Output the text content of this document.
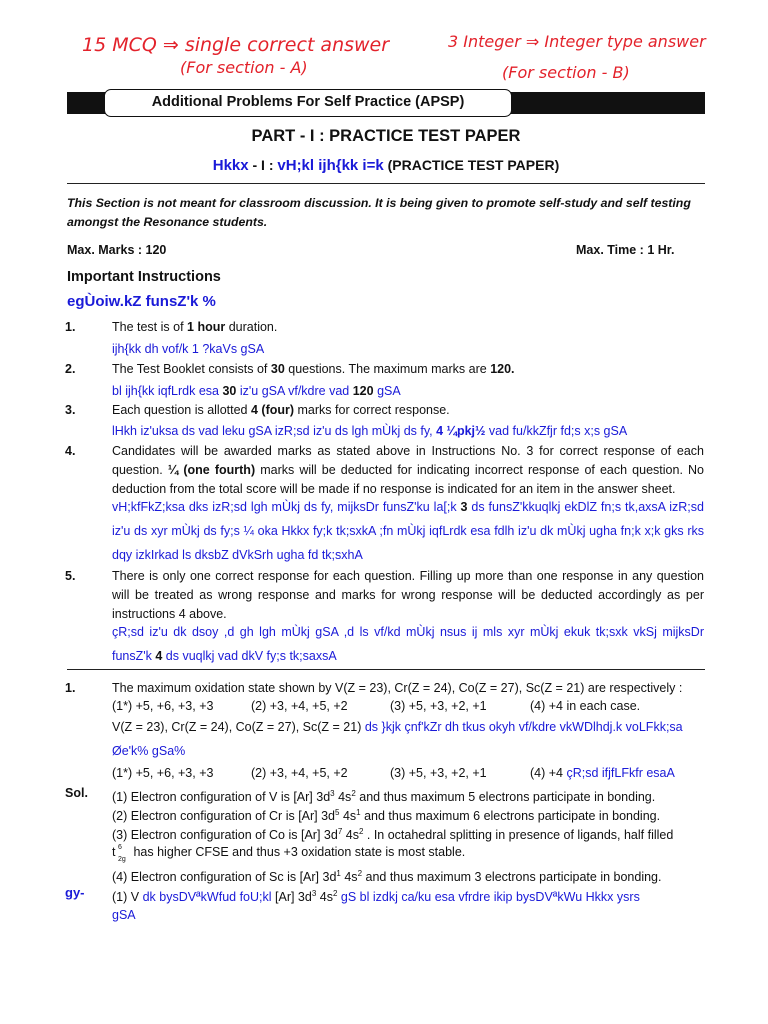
15 MCQ ⇒ single correct answer
(For section - A)
3 Integer ⇒ Integer type answer
(For section - B)
Additional Problems For Self Practice (APSP)
PART - I : PRACTICE TEST PAPER
Hkkx - I : vH;kl ijh{kk i=k (PRACTICE TEST PAPER)
This Section is not meant for classroom discussion. It is being given to promote self-study and self testing amongst the Resonance students.
Max. Marks : 120	Max. Time : 1 Hr.
Important Instructions
egÙoiw.kZ funsZ'k %
1.	The test is of 1 hour duration.
ijh{kk dh vof/k 1 ?kaVs gSA
2.	The Test Booklet consists of 30 questions. The maximum marks are 120.
bl ijh{kk iqfLrdk esa 30 iz'u gSA vf/kdre vad 120 gSA
3.	Each question is allotted 4 (four) marks for correct response.
lHkh iz'uksa ds vad leku gSA izR;sd iz'u ds lgh mÙkj ds fy, 4 ¼pkj½ vad fu/kkZfjr fd;s x;s gSA
4.	Candidates will be awarded marks as stated above in Instructions No. 3 for correct response of each question. ¼ (one fourth) marks will be deducted for indicating incorrect response of each question. No deduction from the total score will be made if no response is indicated for an item in the answer sheet.
vH;kfFkZ;ksa dks izR;sd lgh mÙkj ds fy, mijksDr funsZ'ku la[;k 3 ds funsZ'kkuqlkj ekDlZ fn;s tk,axsA izR;sd iz'u ds xyr mÙkj ds fy;s ¼ oka Hkkx fy;k tk;sxkA ;fn mÙkj iqfLrdk esa fdlh iz'u dk mÙkj ugha fn;k x;k gks rks dqy izkIrkad ls dksbZ dVkSrh ugha fd tk;sxhA
5.	There is only one correct response for each question. Filling up more than one response in any question will be treated as wrong response and marks for wrong response will be deducted accordingly as per instructions 4 above.
çR;sd iz'u dk dsoy ,d gh lgh mÙkj gSA ,d ls vf/kd mÙkj nsus ij mls xyr mÙkj ekuk tk;sxk vkSj mijksDr funsZ'k 4 ds vuqlkj vad dkV fy;s tk;saxsA
1.	The maximum oxidation state shown by V(Z = 23), Cr(Z = 24), Co(Z = 27), Sc(Z = 21) are respectively :
(1*) +5, +6, +3, +3	(2) +3, +4, +5, +2	(3) +5, +3, +2, +1	(4) +4 in each case.
V(Z = 23), Cr(Z = 24), Co(Z = 27), Sc(Z = 21) ds }kjk çnf'kZr dh tkus okyh vf/kdre vkWDlhdj.k voLFkk;sa Øe'k% gSa%
(1*) +5, +6, +3, +3	(2) +3, +4, +5, +2	(3) +5, +3, +2, +1	(4) +4 çR;sd ifjfLFkfr esaA
Sol. (1) Electron configuration of V is [Ar] $3d^3$ $4s^2$ and thus maximum 5 electrons participate in bonding.
(2) Electron configuration of Cr is [Ar] $3d^5$ $4s^1$ and thus maximum 6 electrons participate in bonding.
(3) Electron configuration of Co is [Ar] $3d^7$ $4s^2$ . In octahedral splitting in presence of ligands, half filled
t 6
2g
has higher CFSE and thus +3 oxidation state is most stable.
(4) Electron configuration of Sc is [Ar] $3d^1$ $4s^2$ and thus maximum 3 electrons participate in bonding.
gy- (1) V dk bysDVªkWfud foU;kl [Ar] $3d^3$ $4s^2$ gS bl izdkj ca/ku esa vfrdre ikip bysDVªkWu Hkkx ysrs
gSA
